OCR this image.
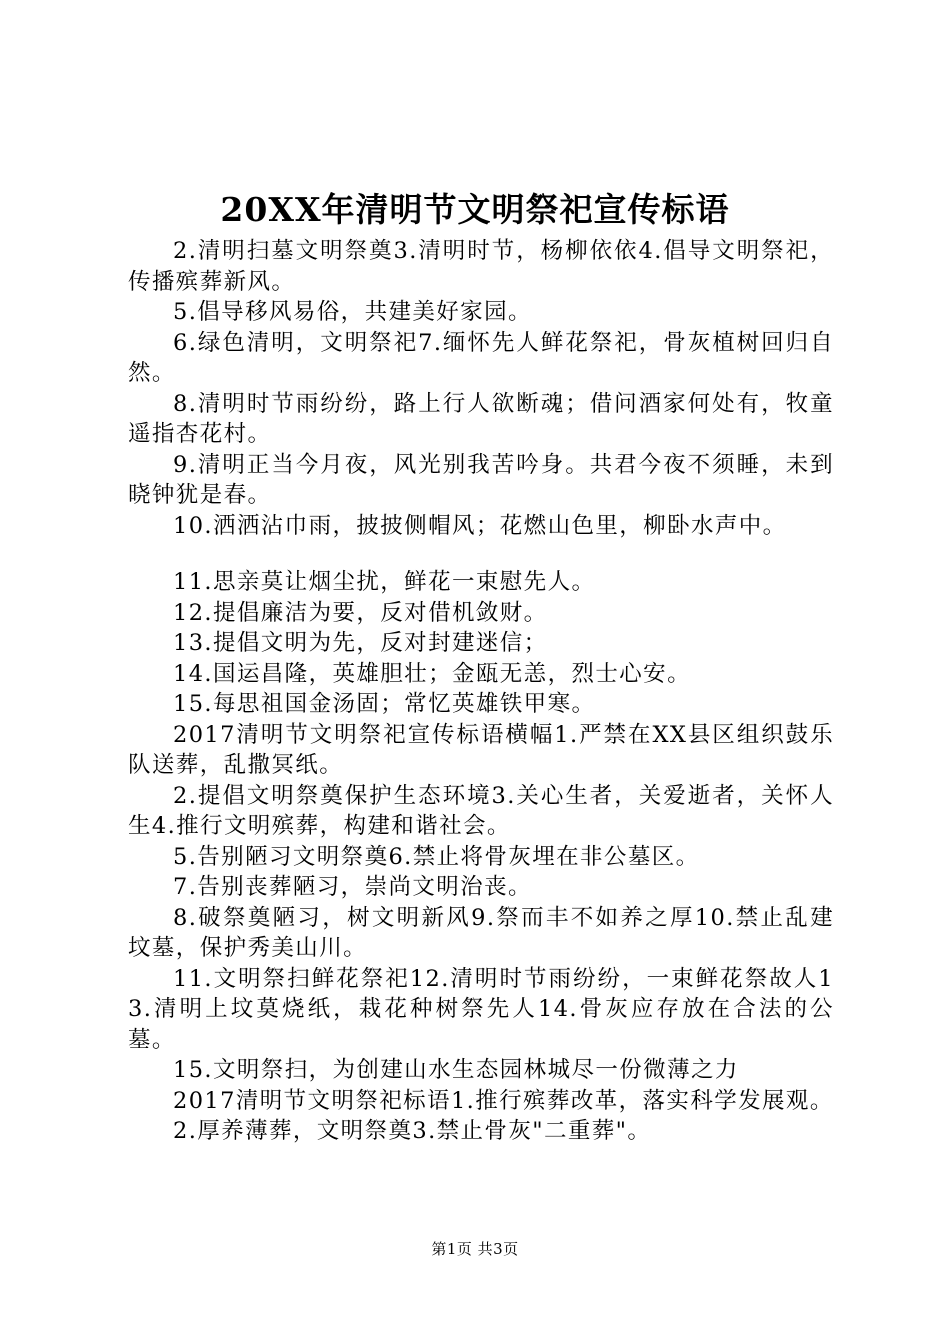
20XX年清明节文明祭祀宣传标语

2.清明扫墓文明祭奠3.清明时节，杨柳依依4.倡导文明祭祀，传播殡葬新风。

5.倡导移风易俗，共建美好家园。

6.绿色清明，文明祭祀7.缅怀先人鲜花祭祀，骨灰植树回归自然。

8.清明时节雨纷纷，路上行人欲断魂；借问酒家何处有，牧童遥指杏花村。

9.清明正当今月夜，风光别我苦吟身。共君今夜不须睡，未到晓钟犹是春。

10.洒洒沾巾雨，披披侧帽风；花燃山色里，柳卧水声中。

11.思亲莫让烟尘扰，鲜花一束慰先人。

12.提倡廉洁为要，反对借机敛财。

13.提倡文明为先，反对封建迷信；

14.国运昌隆，英雄胆壮；金瓯无恙，烈士心安。

15.每思祖国金汤固；常忆英雄铁甲寒。

2017清明节文明祭祀宣传标语横幅1.严禁在XX县区组织鼓乐队送葬，乱撒冥纸。

2.提倡文明祭奠保护生态环境3.关心生者，关爱逝者，关怀人生4.推行文明殡葬，构建和谐社会。

5.告别陋习文明祭奠6.禁止将骨灰埋在非公墓区。

7.告别丧葬陋习，崇尚文明治丧。

8.破祭奠陋习，树文明新风9.祭而丰不如养之厚10.禁止乱建坟墓，保护秀美山川。

11.文明祭扫鲜花祭祀12.清明时节雨纷纷，一束鲜花祭故人13.清明上坟莫烧纸，栽花种树祭先人14.骨灰应存放在合法的公墓。

15.文明祭扫，为创建山水生态园林城尽一份微薄之力

2017清明节文明祭祀标语1.推行殡葬改革，落实科学发展观。

2.厚养薄葬，文明祭奠3.禁止骨灰"二重葬"。

第1页 共3页
